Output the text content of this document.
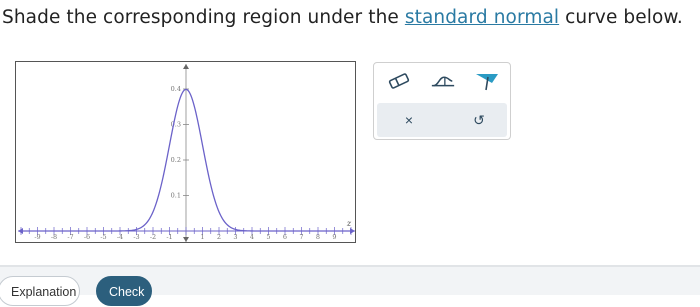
Shade the corresponding region under the standard normal curve below.
-9 -8 -7 -6 -5 -4 -3 -2 -1	1 2 3 4 5 6 7 8 9
0.1
0.2
0.3
0.4
z
×	↺
Explanation	Check
